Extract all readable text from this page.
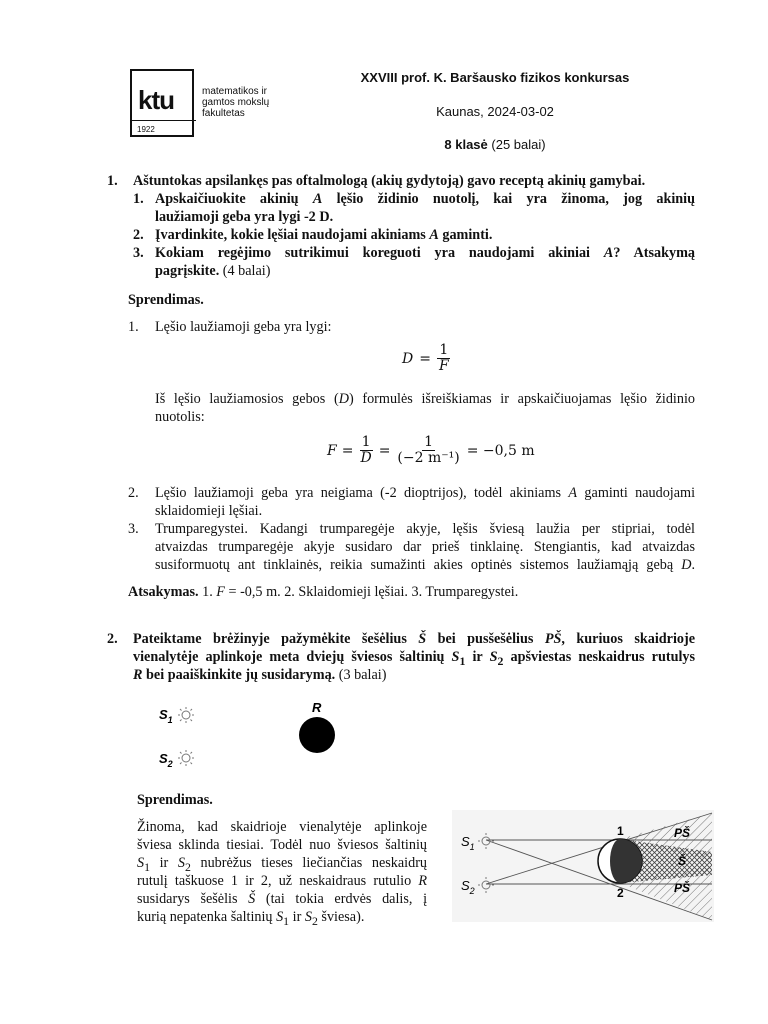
ktu
1922
matematikos ir
gamtos mokslų
fakultetas
XXVIII prof. K. Baršausko fizikos konkursas
Kaunas, 2024-03-02
8 klasė (25 balai)
1. Aštuntokas apsilankęs pas oftalmologą (akių gydytoją) gavo receptą akinių gamybai.
1. Apskaičiuokite akinių A lęšio židinio nuotolį, kai yra žinoma, jog akinių
laužiamoji geba yra lygi -2 D.
2. Įvardinkite, kokie lęšiai naudojami akiniams A gaminti.
3. Kokiam regėjimo sutrikimui koreguoti yra naudojami akiniai A? Atsakymą
pagrįskite. (4 balai)
Sprendimas.
1. Lęšio laužiamoji geba yra lygi:
$D = \frac{1}{F}$
Iš lęšio laužiamosios gebos (D) formulės išreiškiamas ir apskaičiuojamas lęšio židinio
nuotolis:
$F = \frac{1}{D} = \frac{1}{\text{(−2 m⁻¹)}} = -0,5$ m
2. Lęšio laužiamoji geba yra neigiama (-2 dioptrijos), todėl akiniams A gaminti naudojami
sklaidomieji lęšiai.
3. Trumparegystei. Kadangi trumparegėje akyje, lęšis šviesą laužia per stipriai, todėl
atvaizdas trumparegėje akyje susidaro dar prieš tinklainę. Stengiantis, kad atvaizdas
susiformuotų ant tinklainės, reikia sumažinti akies optinės sistemos laužiamąją gebą D.
Atsakymas. 1. F = -0,5 m. 2. Sklaidomieji lęšiai. 3. Trumparegystei.
2. Pateiktame brėžinyje pažymėkite šešėlius Š bei pusšešėlius PŠ, kuriuos skaidrioje
vienalytėje aplinkoje meta dviejų šviesos šaltinių $S_1$ ir $S_2$ apšviestas neskaidrus rutulys
R bei paaiškinkite jų susidarymą. (3 balai)
$S_1$
$S_2$
R
Sprendimas.
Žinoma, kad skaidrioje vienalytėje aplinkoje
šviesa sklinda tiesiai. Todėl nuo šviesos šaltinių
$S_1$ ir $S_2$ nubrėžus tieses liečiančias neskaidrų
rutulį taškuose 1 ir 2, už neskaidraus rutulio R
susidarys šešėlis Š (tai tokia erdvės dalis, į
kurią nepatenka šaltinių $S_1$ ir $S_2$ šviesa).
$S_1$
$S_2$
1
2
PŠ
Š
PŠ
